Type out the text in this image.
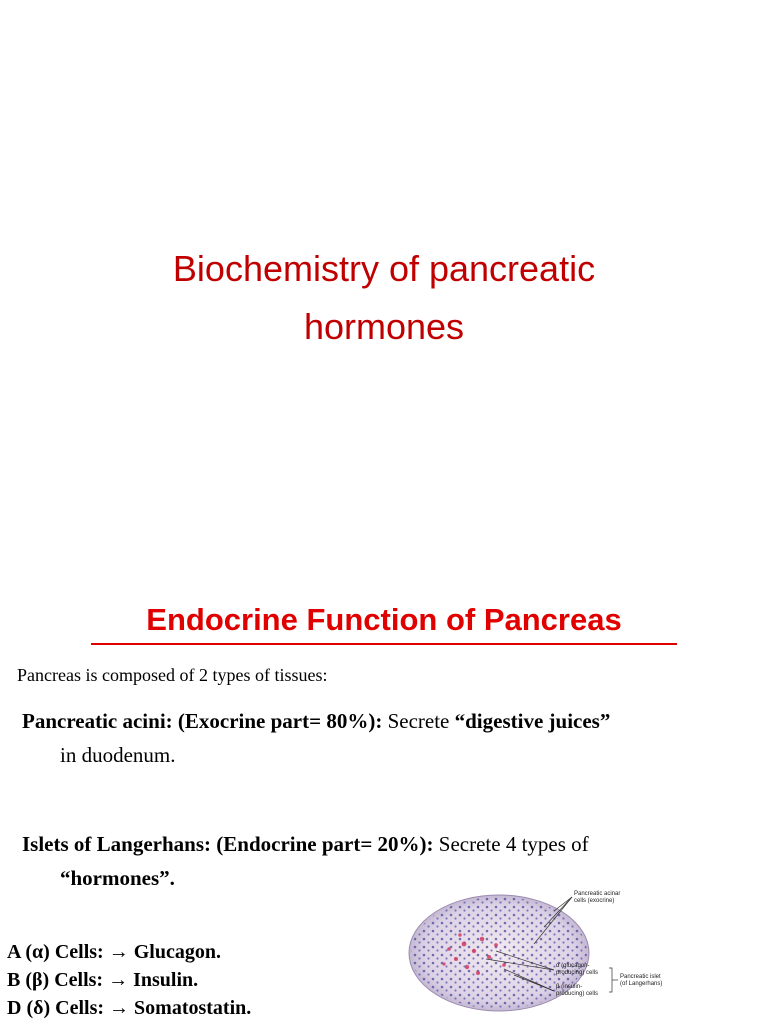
Biochemistry of pancreatic
hormones
Endocrine Function of Pancreas
Pancreas is composed of 2 types of tissues:
Pancreatic acini: (Exocrine part= 80%): Secrete “digestive juices”
in duodenum.
Islets of Langerhans: (Endocrine part= 20%): Secrete 4 types of
“hormones”.
A (α) Cells: → Glucagon.
B (β) Cells: → Insulin.
D (δ) Cells: → Somatostatin.
Pancreatic acinar
cells (exocrine)
α (glucagon-
producing) cells
β (insulin-
producing) cells
Pancreatic islet
(of Langerhans)
